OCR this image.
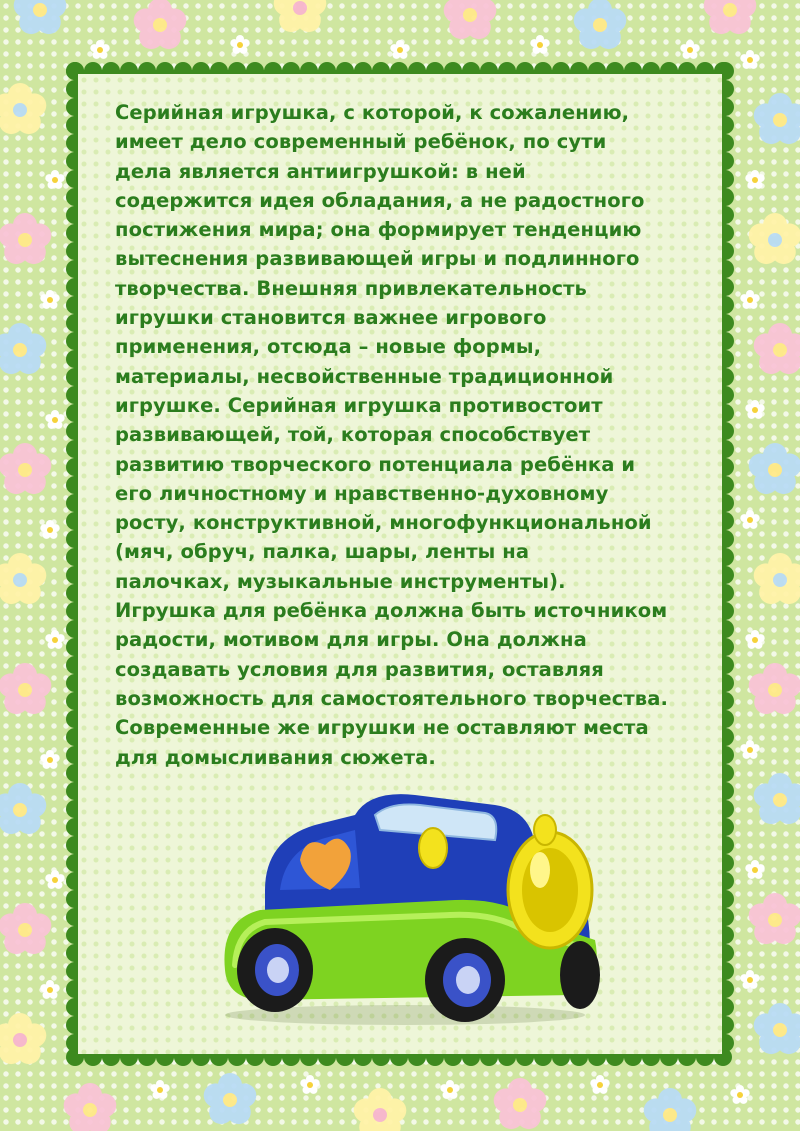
Серийная игрушка, с которой, к сожалению,
имеет дело современный ребёнок, по сути
дела является антиигрушкой: в ней
содержится идея обладания, а не радостного
постижения мира; она формирует тенденцию
вытеснения развивающей игры и подлинного
творчества. Внешняя привлекательность
игрушки становится важнее игрового
применения, отсюда – новые формы,
материалы, несвойственные традиционной
игрушке. Серийная игрушка противостоит
развивающей, той, которая способствует
развитию творческого потенциала ребёнка и
его личностному и нравственно-духовному
росту, конструктивной, многофункциональной
(мяч, обруч, палка, шары, ленты на
палочках, музыкальные инструменты).
Игрушка для ребёнка должна быть источником
радости, мотивом для игры. Она должна
создавать условия для развития, оставляя
возможность для самостоятельного творчества.
Современные же игрушки не оставляют места
для домысливания сюжета.
